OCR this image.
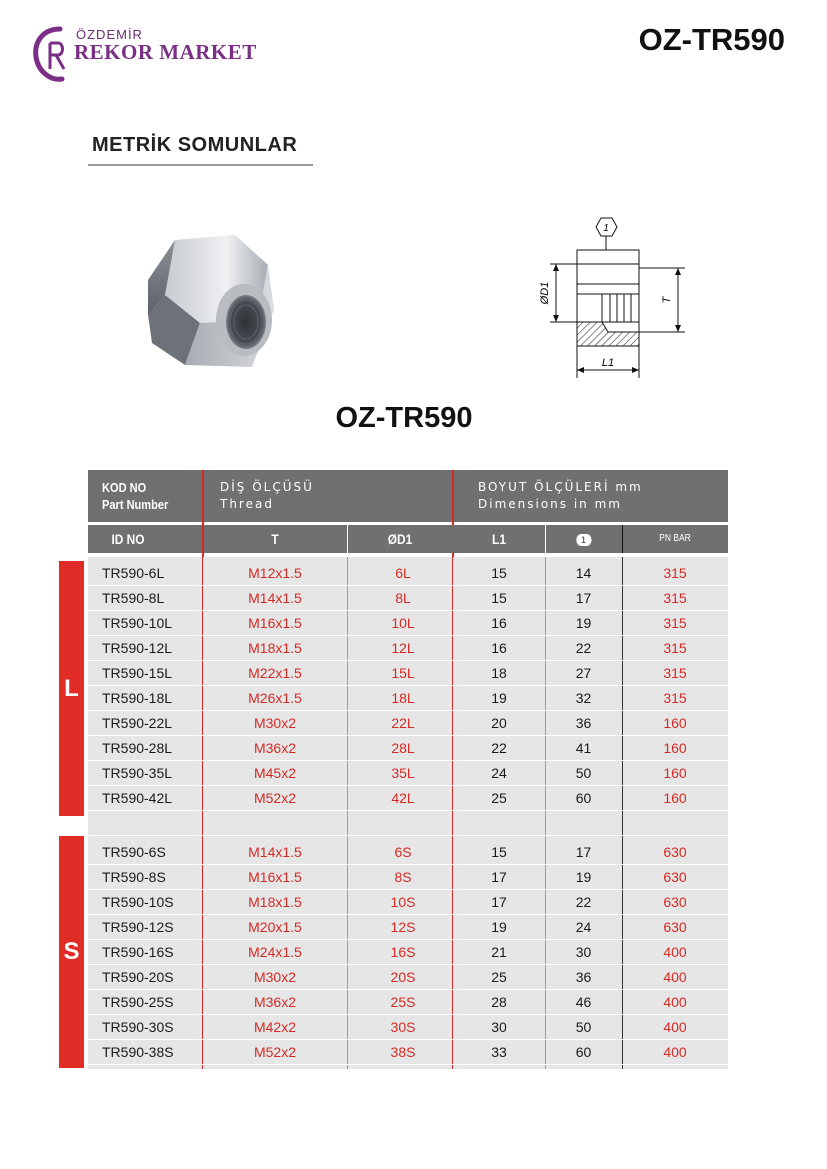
ÖZDEMİR
REKOR MARKET	OZ-TR590
METRİK SOMUNLAR
1
ØD1	T
L1
OZ-TR590
L
S
KOD NO
Part Number
DİŞ ÖLÇÜSÜ
Thread
BOYUT ÖLÇÜLERİ mm
Dimensions in mm
ID NO	T	ØD1	L1	1	PN BAR
TR590-6L	M12x1.5	6L	15	14	315
TR590-8L	M14x1.5	8L	15	17	315
TR590-10L	M16x1.5	10L	16	19	315
TR590-12L	M18x1.5	12L	16	22	315
TR590-15L	M22x1.5	15L	18	27	315
TR590-18L	M26x1.5	18L	19	32	315
TR590-22L	M30x2	22L	20	36	160
TR590-28L	M36x2	28L	22	41	160
TR590-35L	M45x2	35L	24	50	160
TR590-42L	M52x2	42L	25	60	160
TR590-6S	M14x1.5	6S	15	17	630
TR590-8S	M16x1.5	8S	17	19	630
TR590-10S	M18x1.5	10S	17	22	630
TR590-12S	M20x1.5	12S	19	24	630
TR590-16S	M24x1.5	16S	21	30	400
TR590-20S	M30x2	20S	25	36	400
TR590-25S	M36x2	25S	28	46	400
TR590-30S	M42x2	30S	30	50	400
TR590-38S	M52x2	38S	33	60	400
